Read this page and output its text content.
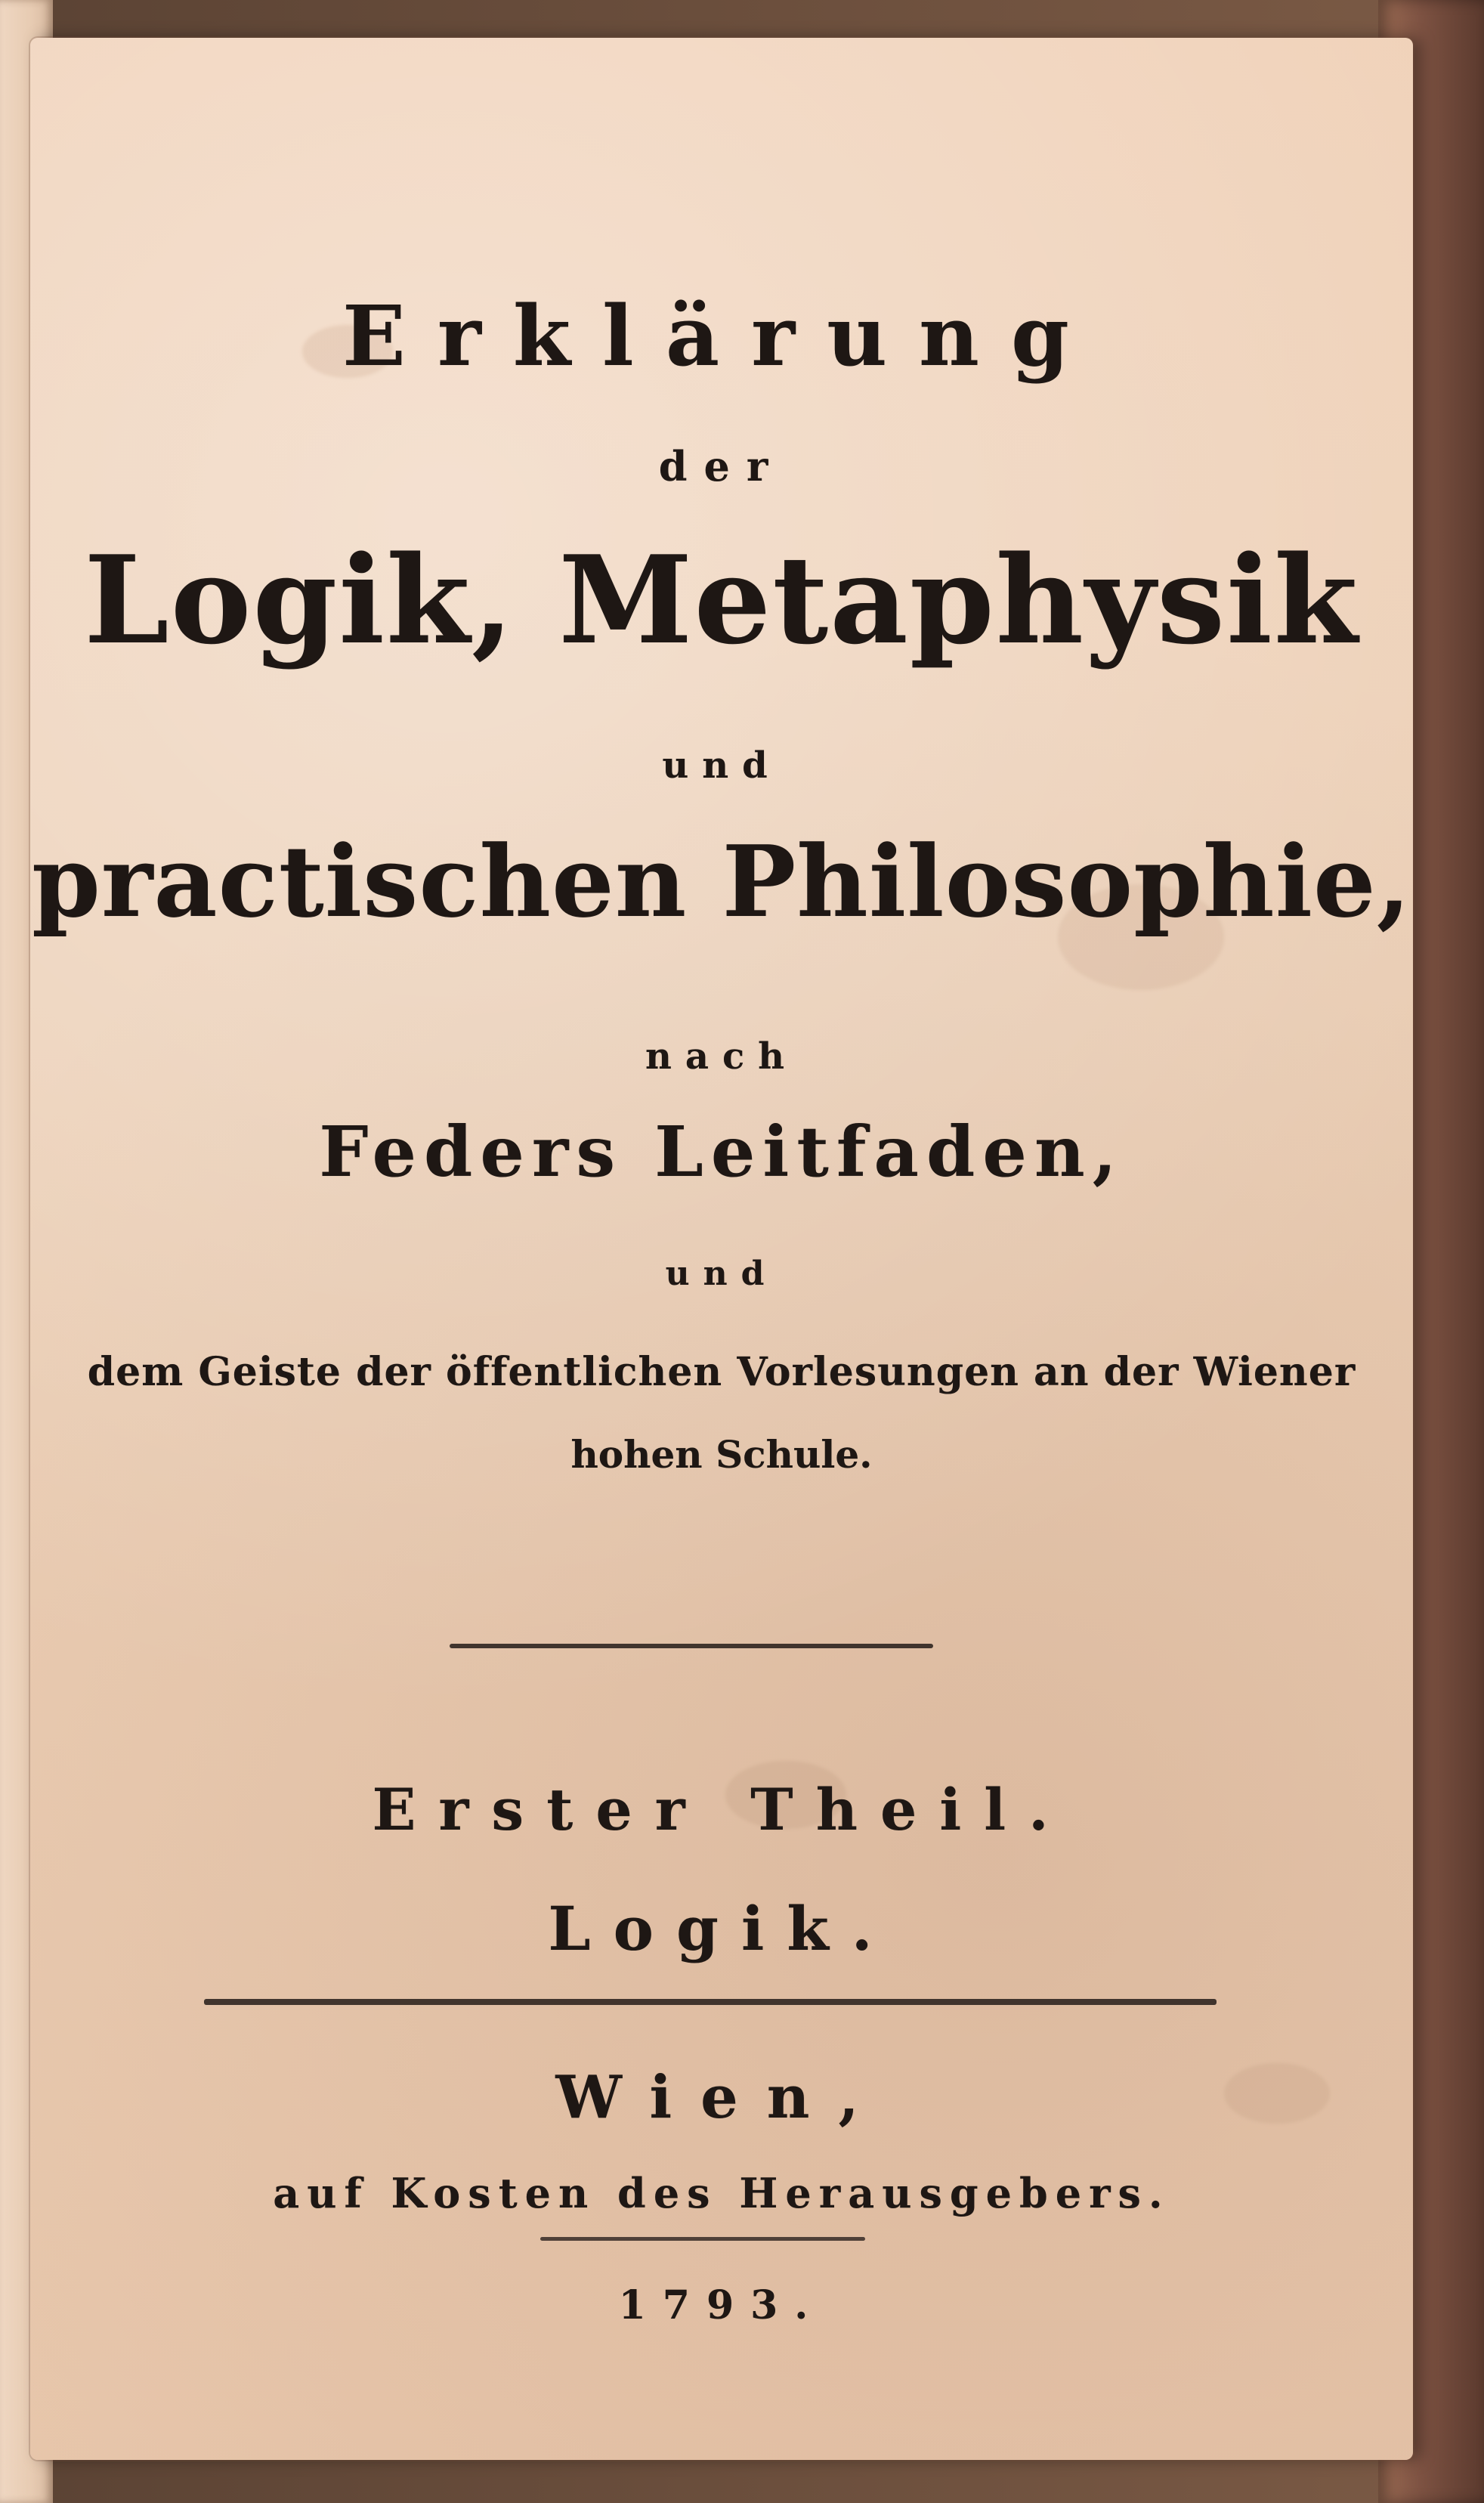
Erklärung
der
Logik, Metaphysik
und
practischen Philosophie,
nach
Feders Leitfaden,
und
dem Geiste der öffentlichen Vorlesungen an der Wiener
hohen Schule.
Erster Theil.
Logik.
Wien,
auf Kosten des Herausgebers.
1793.
